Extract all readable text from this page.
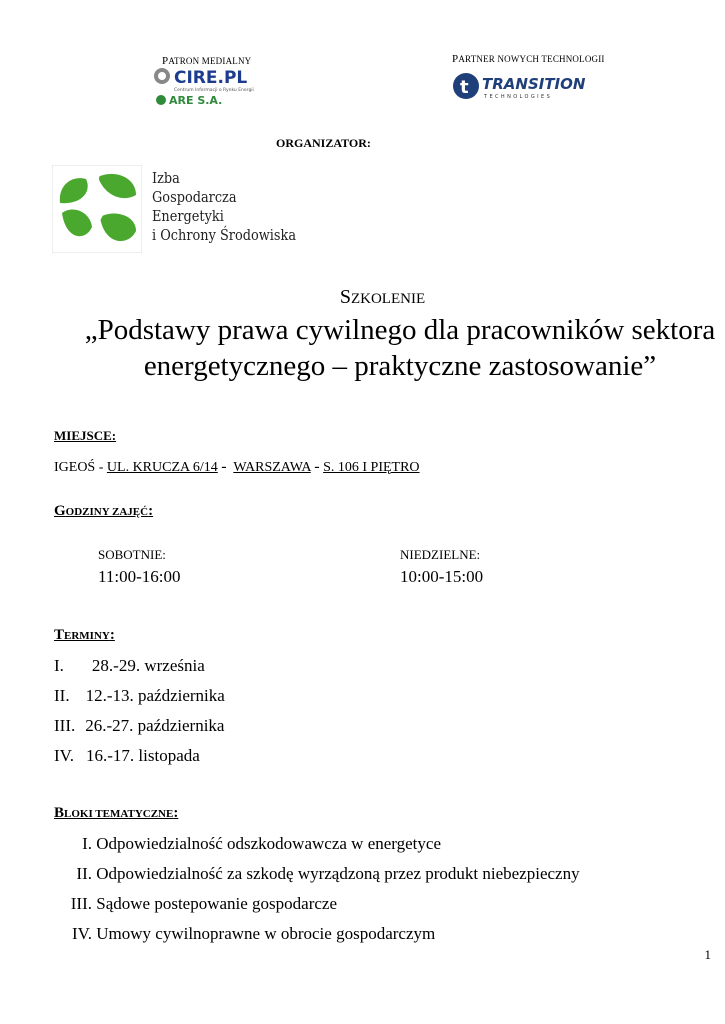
PATRON MEDIALNY
CIRE.PL
Centrum Informacji o Rynku Energii
ARE S.A.
PARTNER NOWYCH TECHNOLOGII
t TRANSITION
TECHNOLOGIES
ORGANIZATOR:
Izba
Gospodarcza
Energetyki
i Ochrony Środowiska
SZKOLENIE
„Podstawy prawa cywilnego dla pracowników sektora energetycznego – praktyczne zastosowanie”
MIEJSCE:
IGEOŚ - UL. KRUCZA 6/14 - WARSZAWA - S. 106 I PIĘTRO
GODZINY ZAJĘĆ:
SOBOTNIE:
11:00-16:00
NIEDZIELNE:
10:00-15:00
TERMINY:
I. 28.-29. września
II. 12.-13. października
III. 26.-27. października
IV. 16.-17. listopada
BLOKI TEMATYCZNE:
I. Odpowiedzialność odszkodowawcza w energetyce
II. Odpowiedzialność za szkodę wyrządzoną przez produkt niebezpieczny
III. Sądowe postepowanie gospodarcze
IV. Umowy cywilnoprawne w obrocie gospodarczym
1
